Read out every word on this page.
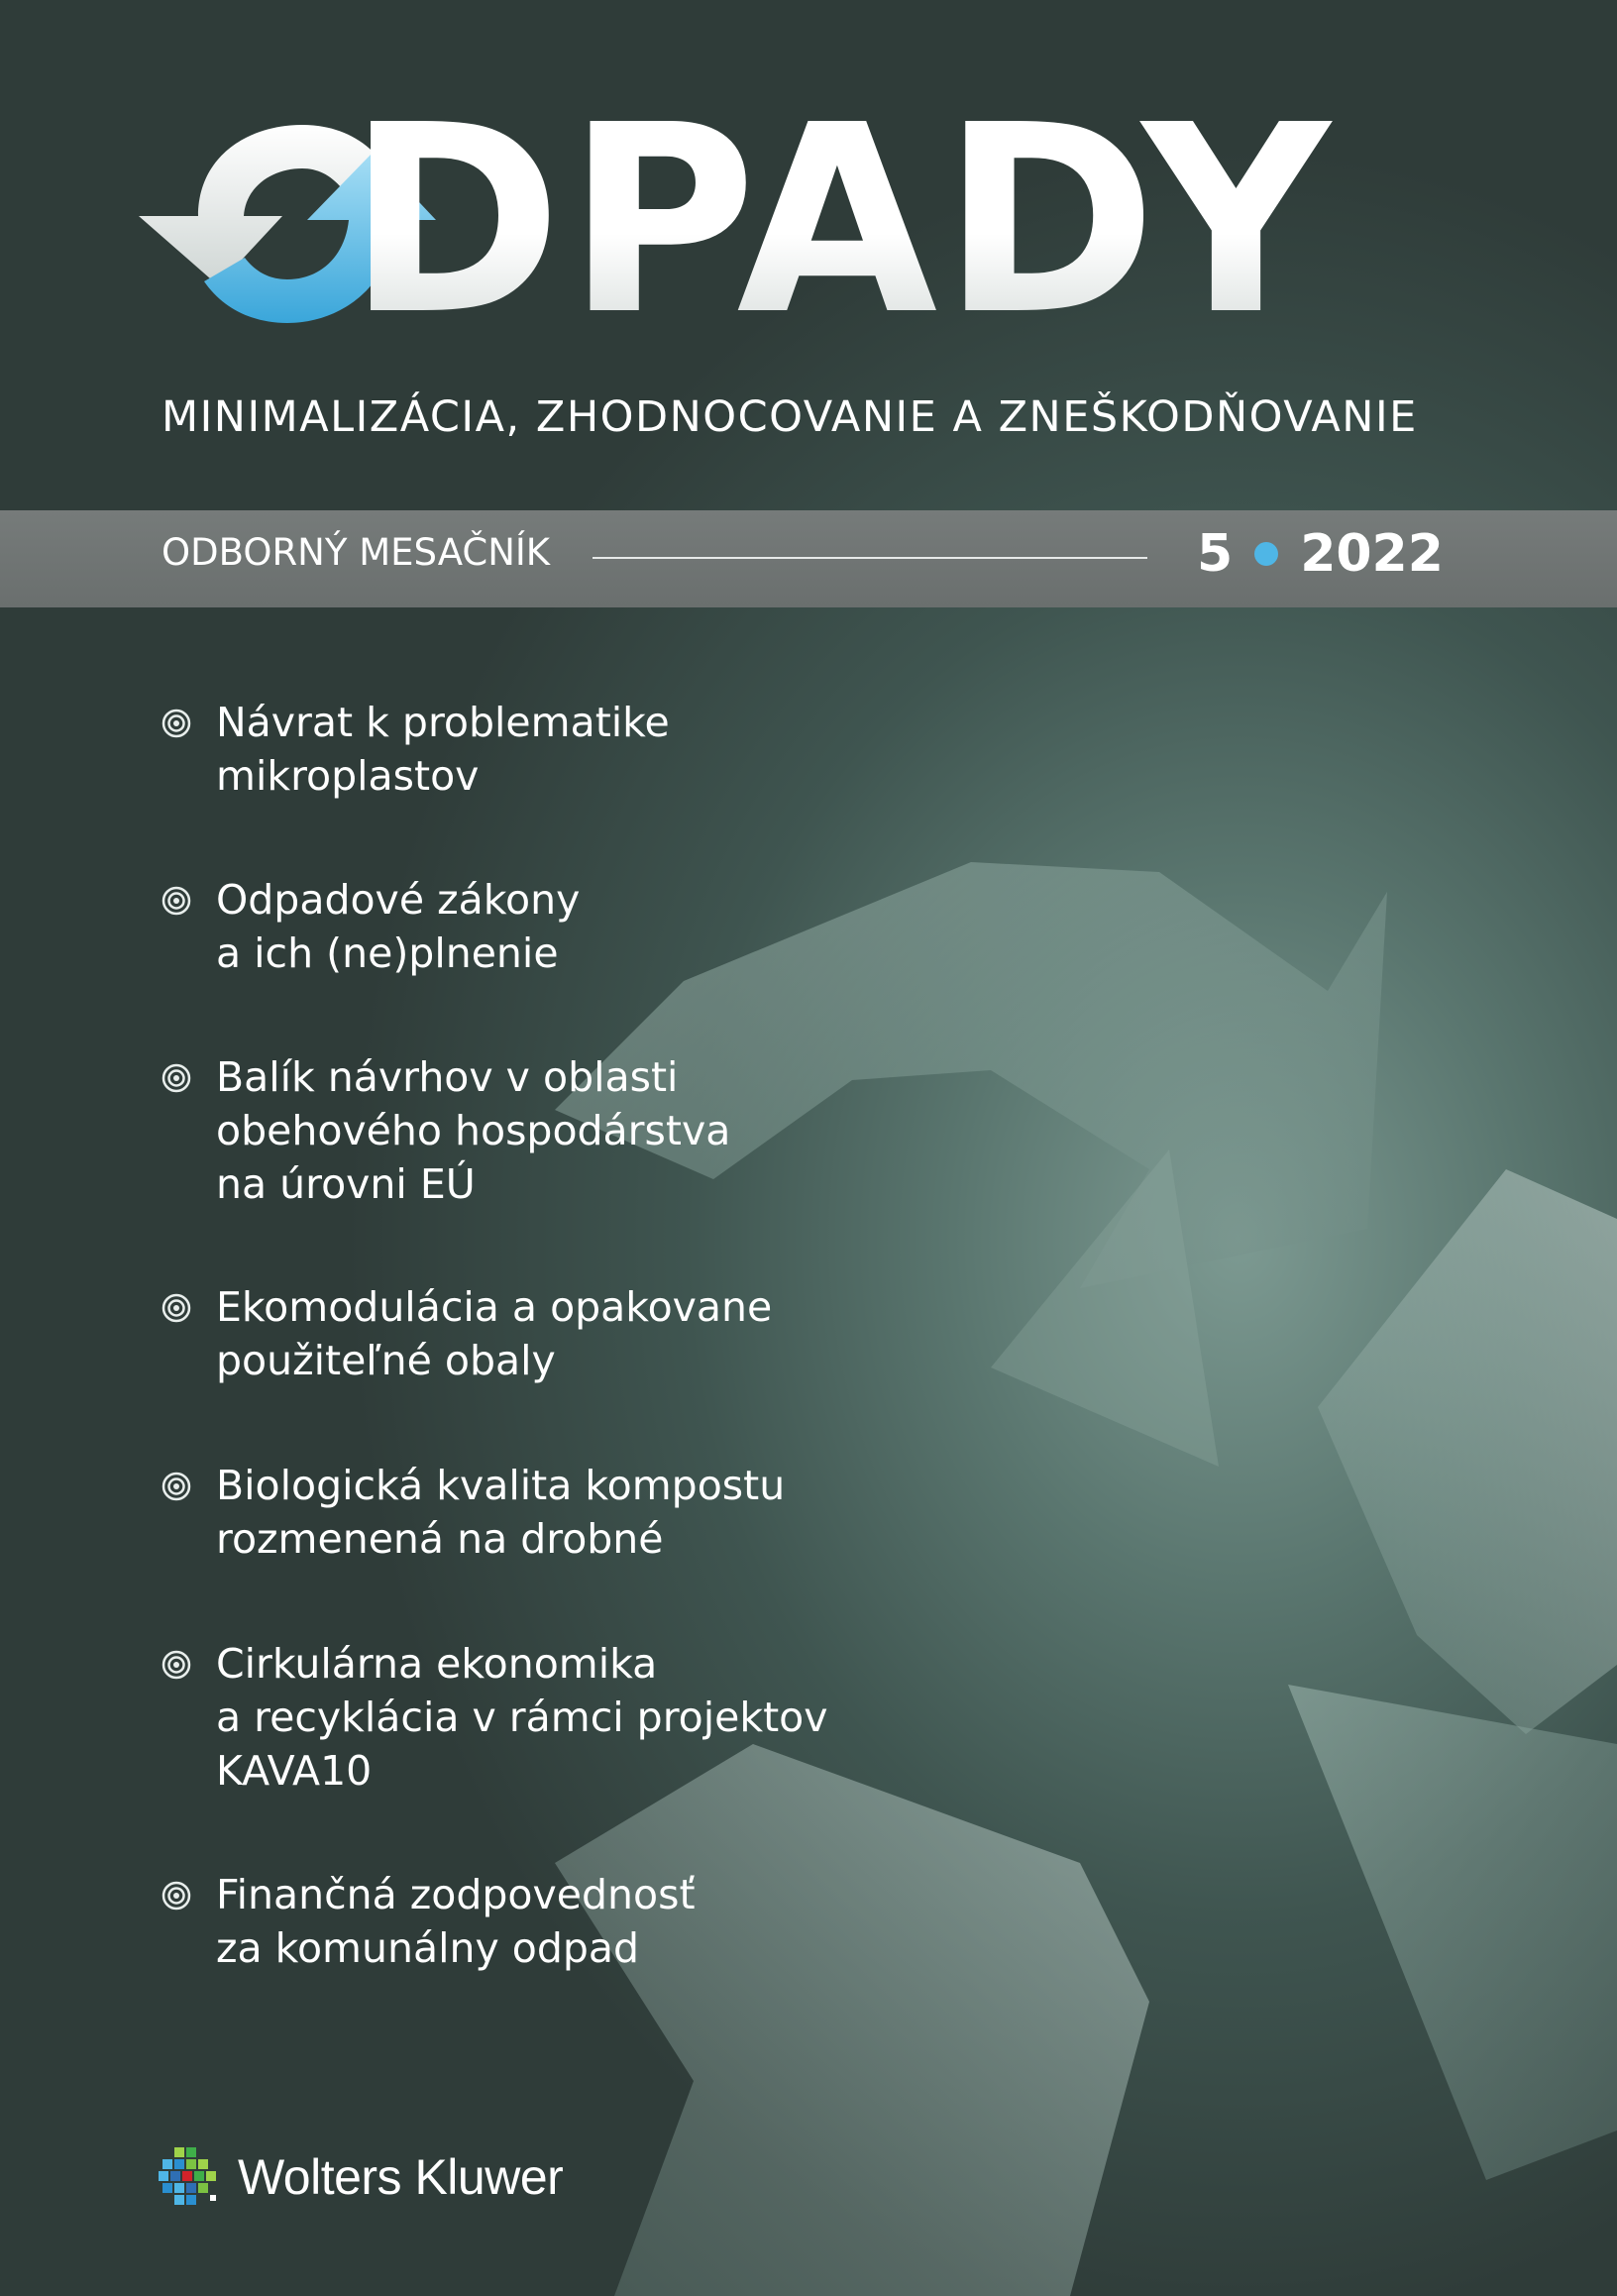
DPADY
MINIMALIZÁCIA, ZHODNOCOVANIE A ZNEŠKODŇOVANIE
ODBORNÝ MESAČNÍK	5 2022
Návrat k problematike
mikroplastov
Odpadové zákony
a ich (ne)plnenie
Balík návrhov v oblasti
obehového hospodárstva
na úrovni EÚ
Ekomodulácia a opakovane
použiteľné obaly
Biologická kvalita kompostu
rozmenená na drobné
Cirkulárna ekonomika
a recyklácia v rámci projektov
KAVA10
Finančná zodpovednosť
za komunálny odpad
Wolters Kluwer
